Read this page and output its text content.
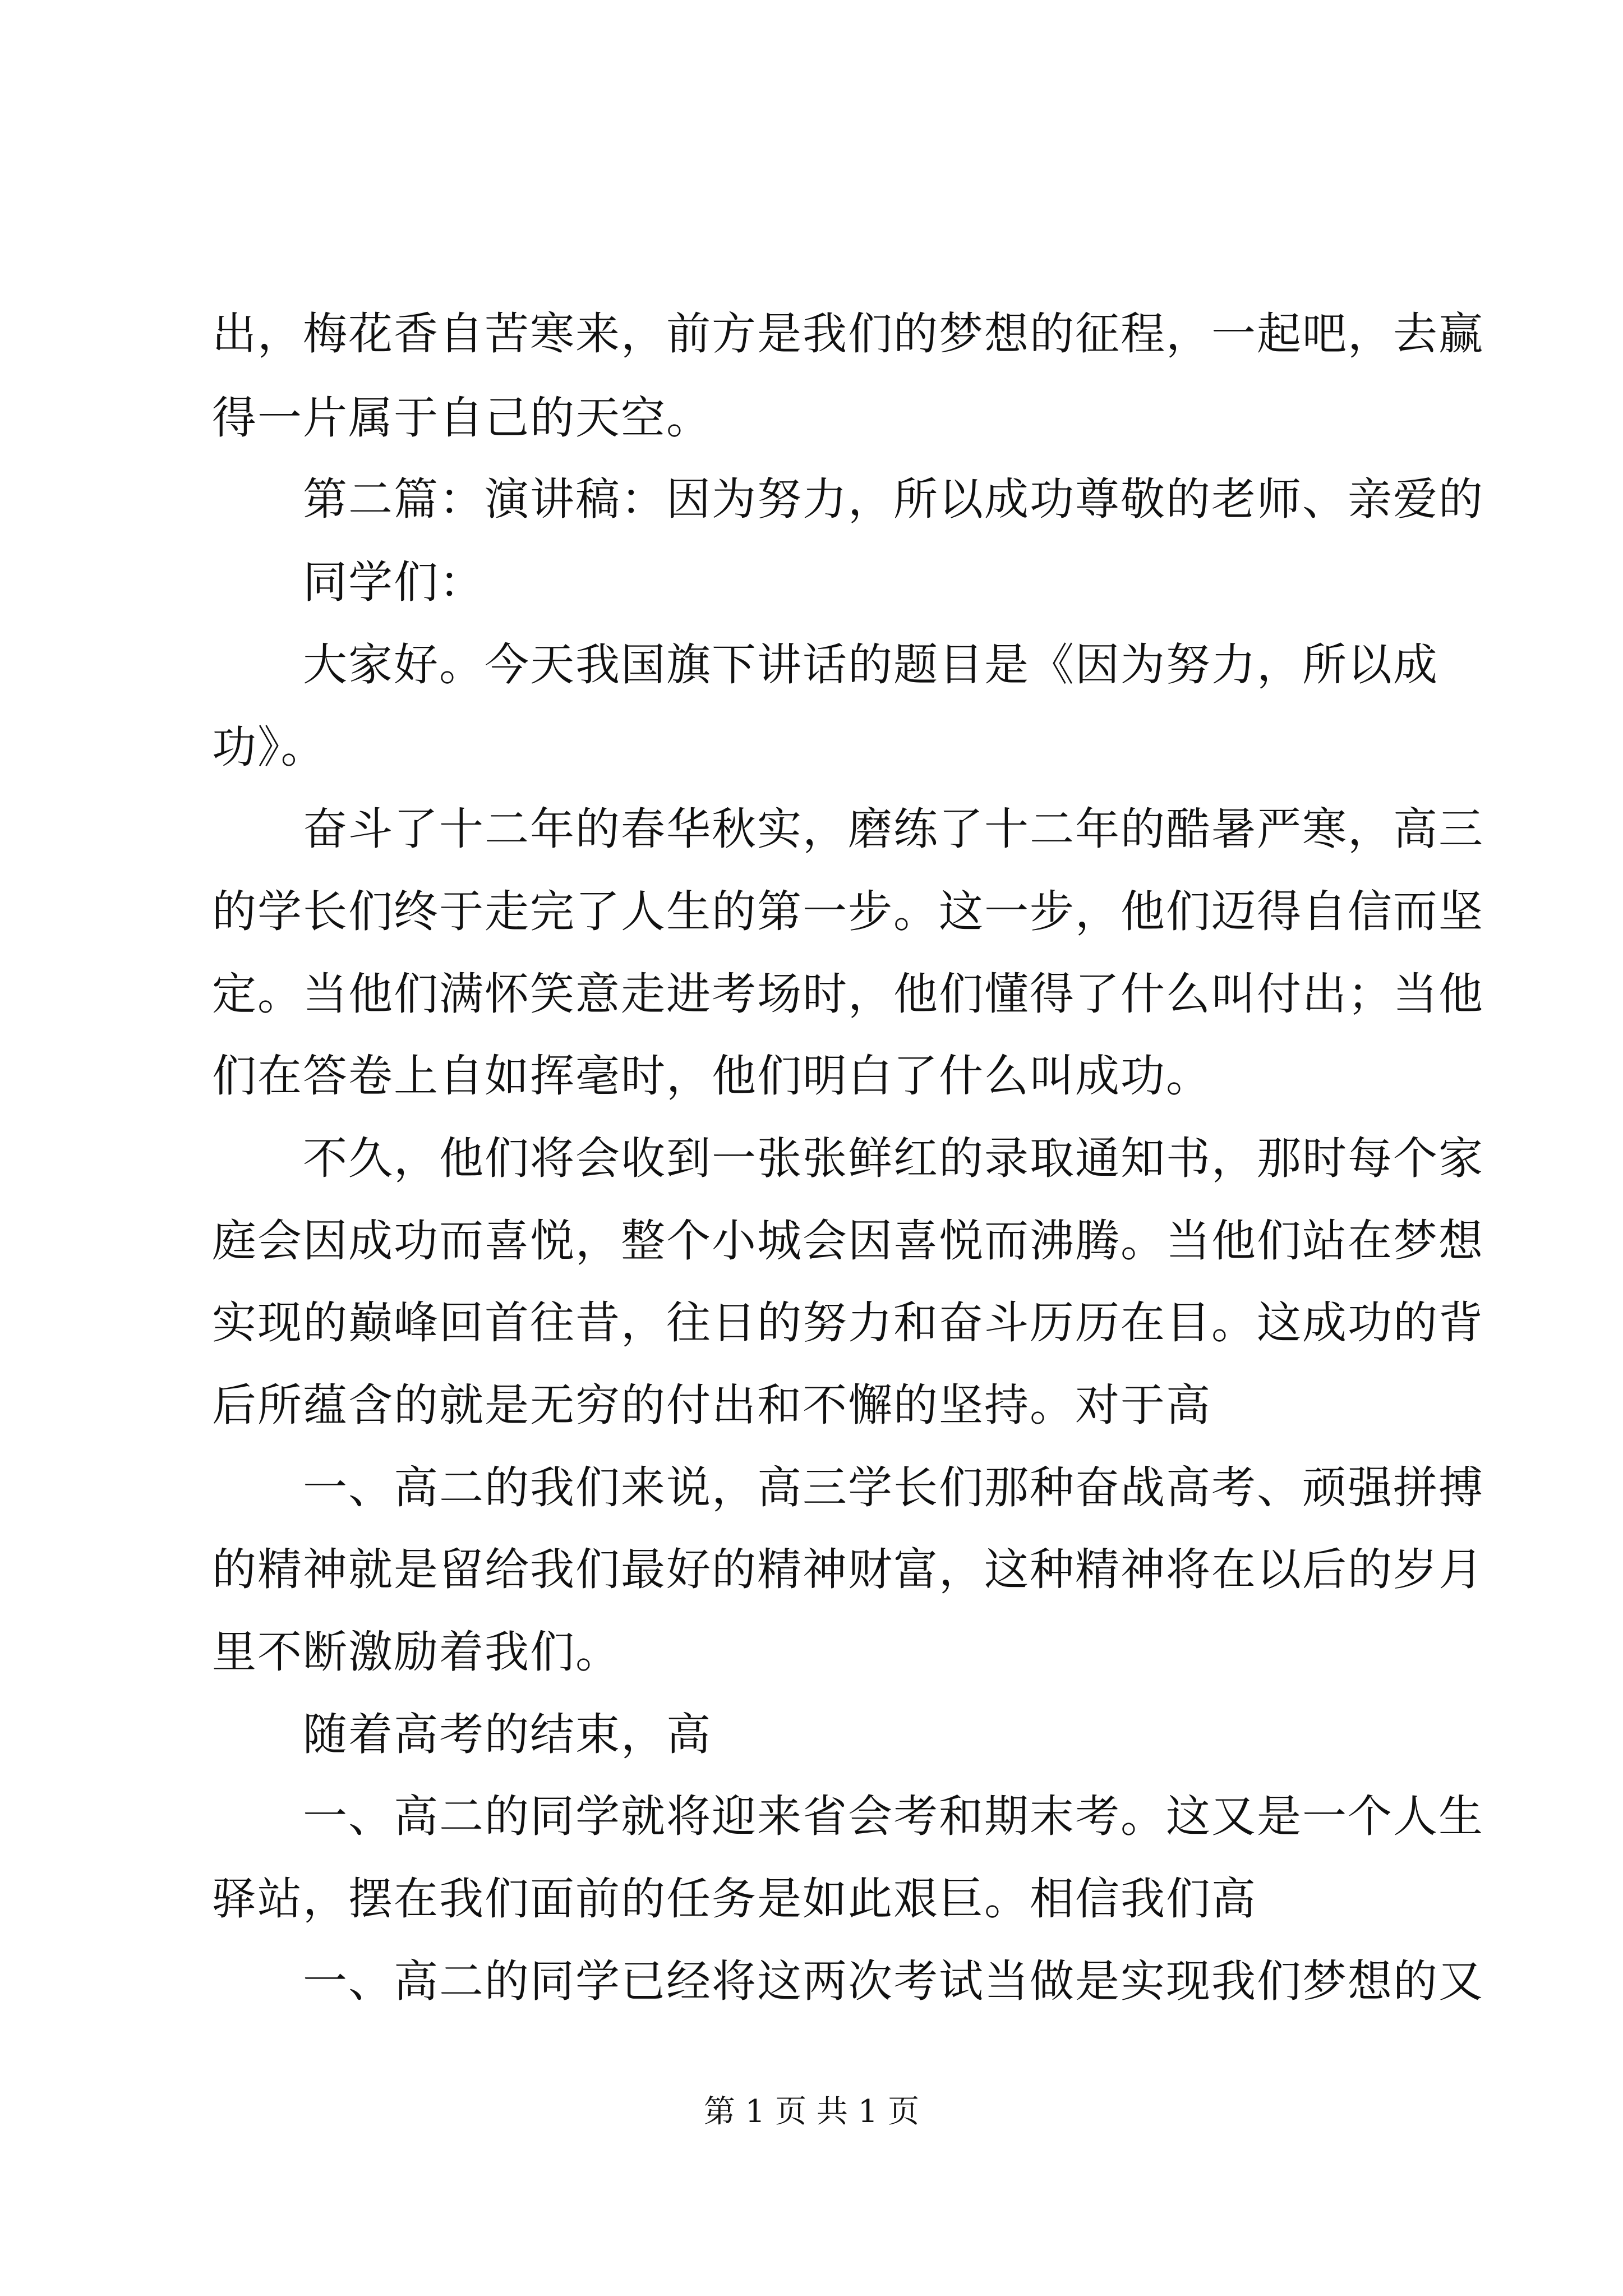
出，梅花香自苦寒来，前方是我们的梦想的征程，一起吧，去赢
得一片属于自己的天空。
第二篇：演讲稿：因为努力，所以成功尊敬的老师、亲爱的
同学们：
大家好。今天我国旗下讲话的题目是《因为努力，所以成
功》。
奋斗了十二年的春华秋实，磨练了十二年的酷暑严寒，高三
的学长们终于走完了人生的第一步。这一步，他们迈得自信而坚
定。当他们满怀笑意走进考场时，他们懂得了什么叫付出；当他
们在答卷上自如挥毫时，他们明白了什么叫成功。
不久，他们将会收到一张张鲜红的录取通知书，那时每个家
庭会因成功而喜悦，整个小城会因喜悦而沸腾。当他们站在梦想
实现的巅峰回首往昔，往日的努力和奋斗历历在目。这成功的背
后所蕴含的就是无穷的付出和不懈的坚持。对于高
一、高二的我们来说，高三学长们那种奋战高考、顽强拼搏
的精神就是留给我们最好的精神财富，这种精神将在以后的岁月
里不断激励着我们。
随着高考的结束，高
一、高二的同学就将迎来省会考和期末考。这又是一个人生
驿站，摆在我们面前的任务是如此艰巨。相信我们高
一、高二的同学已经将这两次考试当做是实现我们梦想的又
第 1 页 共 1 页
